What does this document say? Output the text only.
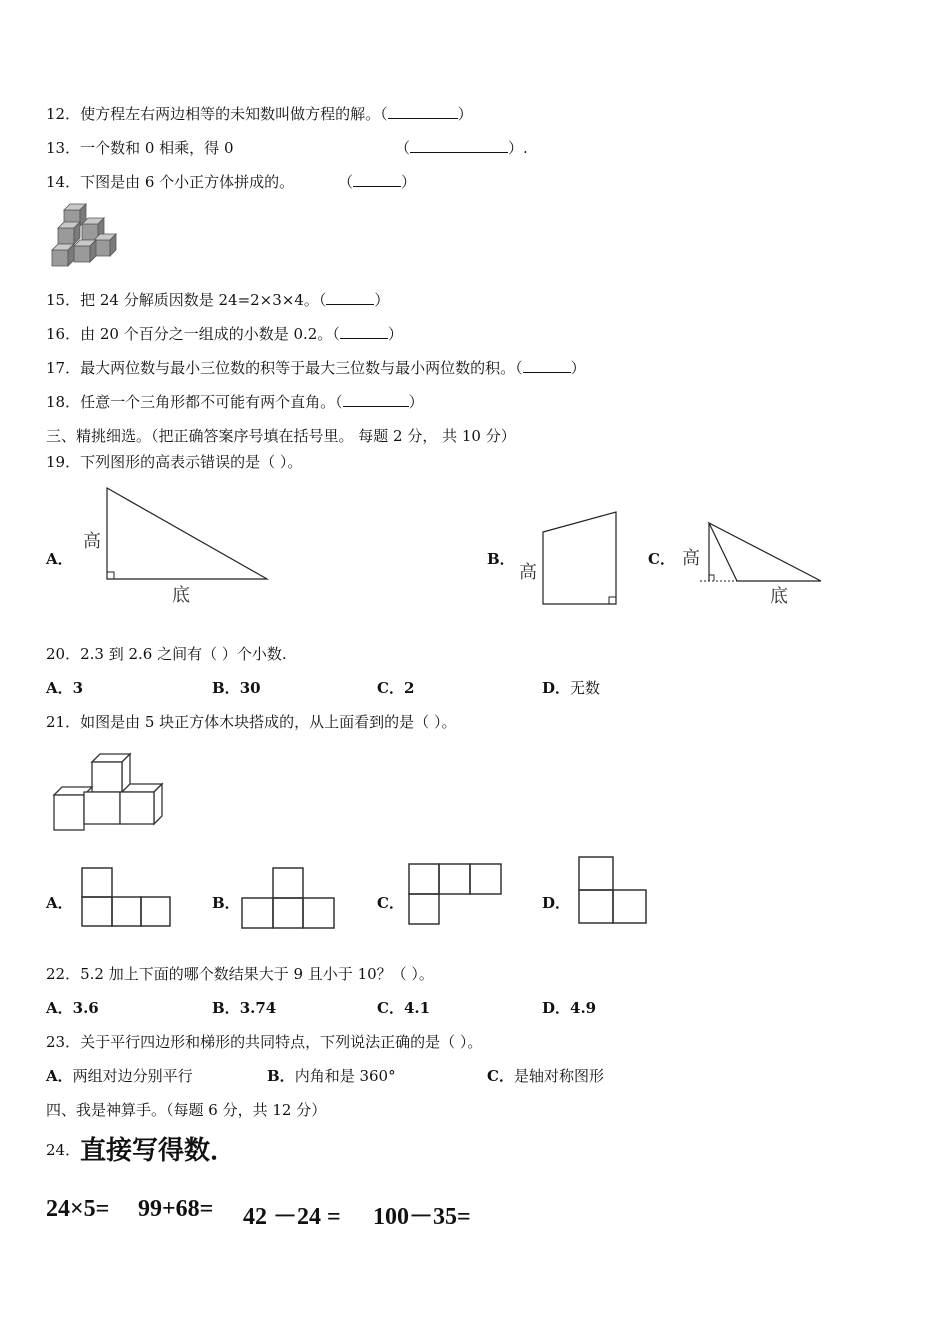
12．使方程左右两边相等的未知数叫做方程的解。（	）
13．一个数和 0 相乘，得 0	（	）.
14．下图是由 6 个小正方体拼成的。	（	）
15．把 24 分解质因数是 24=2×3×4。（	）
16．由 20 个百分之一组成的小数是 0.2。（	）
17．最大两位数与最小三位数的积等于最大三位数与最小两位数的积。（	）
18．任意一个三角形都不可能有两个直角。（	）
三、精挑细选。（把正确答案序号填在括号里。 每题 2 分， 共 10 分）
19．下列图形的高表示错误的是（ ）。
A．
高
底
B．
高
C． 高
底
20．2.3 到 2.6 之间有（ ）个小数.
A．3	B．30	C．2	D．无数
21．如图是由 5 块正方体木块搭成的，从上面看到的是（ ）。
A．	B．	C．	D．
22．5.2 加上下面的哪个数结果大于 9 且小于 10？（ ）。
A．3.6	B．3.74	C．4.1	D．4.9
23．关于平行四边形和梯形的共同特点，下列说法正确的是（ ）。
A．两组对边分别平行	B．内角和是 360°	C．是轴对称图形
四、我是神算手。（每题 6 分，共 12 分）
24． 直接写得数．
24×5= 99+68= 42 －24 = 100－35=
